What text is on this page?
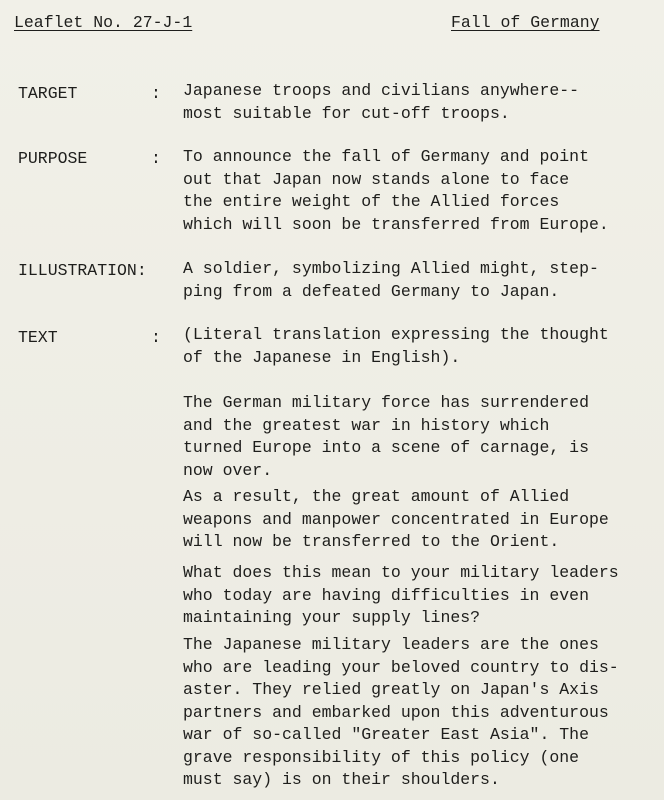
Leaflet No. 27-J-1	Fall of Germany
TARGET	: Japanese troops and civilians anywhere--
most suitable for cut-off troops.
PURPOSE	: To announce the fall of Germany and point
out that Japan now stands alone to face
the entire weight of the Allied forces
which will soon be transferred from Europe.
ILLUSTRATION: A soldier, symbolizing Allied might, step-
ping from a defeated Germany to Japan.
TEXT	: (Literal translation expressing the thought
of the Japanese in English).
The German military force has surrendered
and the greatest war in history which
turned Europe into a scene of carnage, is
now over.
As a result, the great amount of Allied
weapons and manpower concentrated in Europe
will now be transferred to the Orient.
What does this mean to your military leaders
who today are having difficulties in even
maintaining your supply lines?
The Japanese military leaders are the ones
who are leading your beloved country to dis-
aster. They relied greatly on Japan's Axis
partners and embarked upon this adventurous
war of so-called "Greater East Asia". The
grave responsibility of this policy (one
must say) is on their shoulders.
